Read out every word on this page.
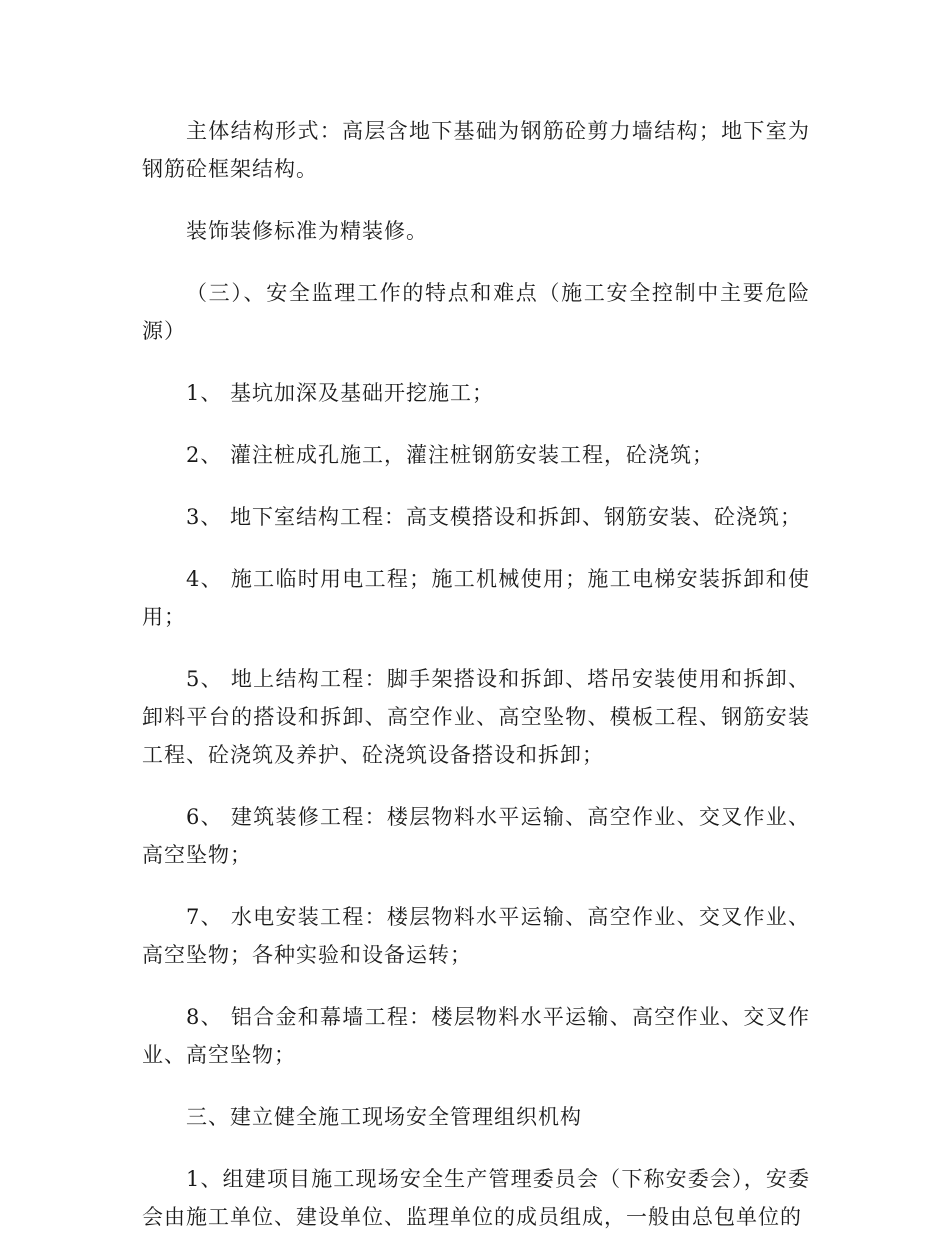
主体结构形式：高层含地下基础为钢筋砼剪力墙结构；地下室为钢筋砼框架结构。

装饰装修标准为精装修。

（三）、安全监理工作的特点和难点（施工安全控制中主要危险源）

1、 基坑加深及基础开挖施工；

2、 灌注桩成孔施工，灌注桩钢筋安装工程，砼浇筑；

3、 地下室结构工程：高支模搭设和拆卸、钢筋安装、砼浇筑；

4、 施工临时用电工程；施工机械使用；施工电梯安装拆卸和使用；

5、 地上结构工程：脚手架搭设和拆卸、塔吊安装使用和拆卸、卸料平台的搭设和拆卸、高空作业、高空坠物、模板工程、钢筋安装工程、砼浇筑及养护、砼浇筑设备搭设和拆卸；

6、 建筑装修工程：楼层物料水平运输、高空作业、交叉作业、高空坠物；

7、 水电安装工程：楼层物料水平运输、高空作业、交叉作业、高空坠物；各种实验和设备运转；

8、 铝合金和幕墙工程：楼层物料水平运输、高空作业、交叉作业、高空坠物；

三、建立健全施工现场安全管理组织机构

1、组建项目施工现场安全生产管理委员会（下称安委会），安委会由施工单位、建设单位、监理单位的成员组成，一般由总包单位的
